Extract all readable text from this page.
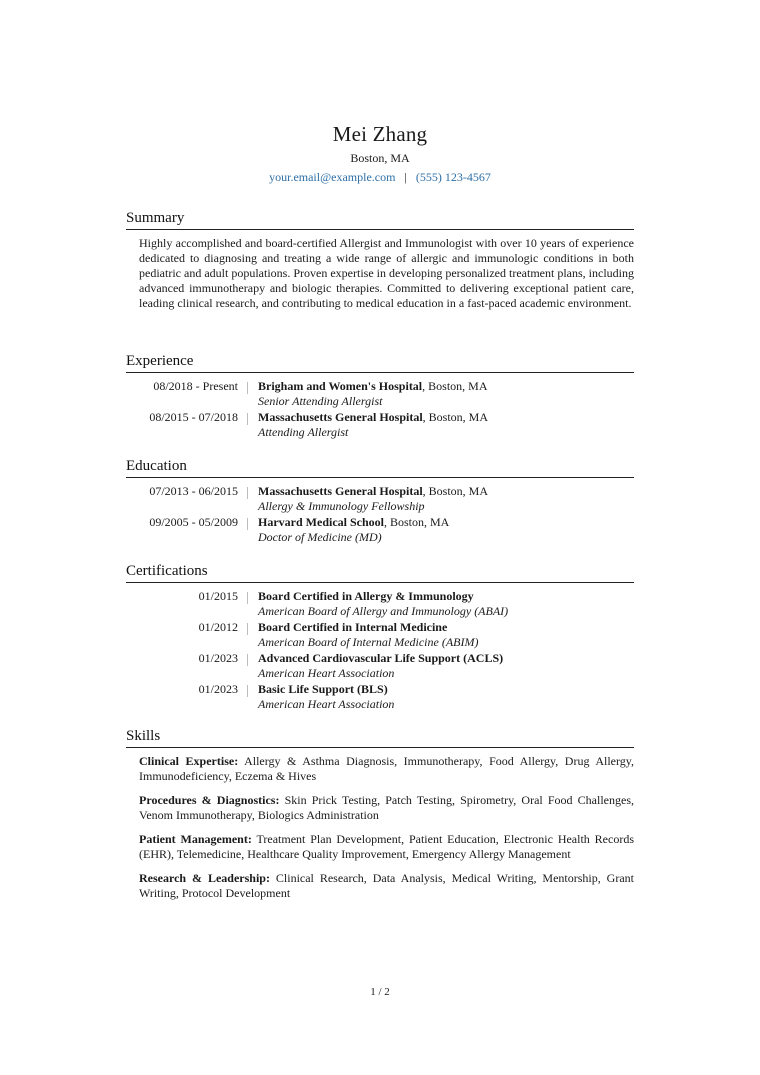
Mei Zhang
Boston, MA
your.email@example.com | (555) 123-4567
Summary
Highly accomplished and board-certified Allergist and Immunologist with over 10 years of experience dedicated to diagnosing and treating a wide range of allergic and immunologic conditions in both pediatric and adult populations. Proven expertise in developing personalized treatment plans, including advanced immunotherapy and biologic therapies. Committed to delivering exceptional patient care, leading clinical research, and contributing to medical education in a fast-paced academic environment.
Experience
08/2018 - Present Brigham and Women's Hospital, Boston, MA
Senior Attending Allergist
08/2015 - 07/2018 Massachusetts General Hospital, Boston, MA
Attending Allergist
Education
07/2013 - 06/2015 Massachusetts General Hospital, Boston, MA
Allergy & Immunology Fellowship
09/2005 - 05/2009 Harvard Medical School, Boston, MA
Doctor of Medicine (MD)
Certifications
01/2015 Board Certified in Allergy & Immunology
American Board of Allergy and Immunology (ABAI)
01/2012 Board Certified in Internal Medicine
American Board of Internal Medicine (ABIM)
01/2023 Advanced Cardiovascular Life Support (ACLS)
American Heart Association
01/2023 Basic Life Support (BLS)
American Heart Association
Skills
Clinical Expertise: Allergy & Asthma Diagnosis, Immunotherapy, Food Allergy, Drug Allergy, Immunodeficiency, Eczema & Hives
Procedures & Diagnostics: Skin Prick Testing, Patch Testing, Spirometry, Oral Food Challenges, Venom Immunotherapy, Biologics Administration
Patient Management: Treatment Plan Development, Patient Education, Electronic Health Records (EHR), Telemedicine, Healthcare Quality Improvement, Emergency Allergy Management
Research & Leadership: Clinical Research, Data Analysis, Medical Writing, Mentorship, Grant Writing, Protocol Development
1 / 2
